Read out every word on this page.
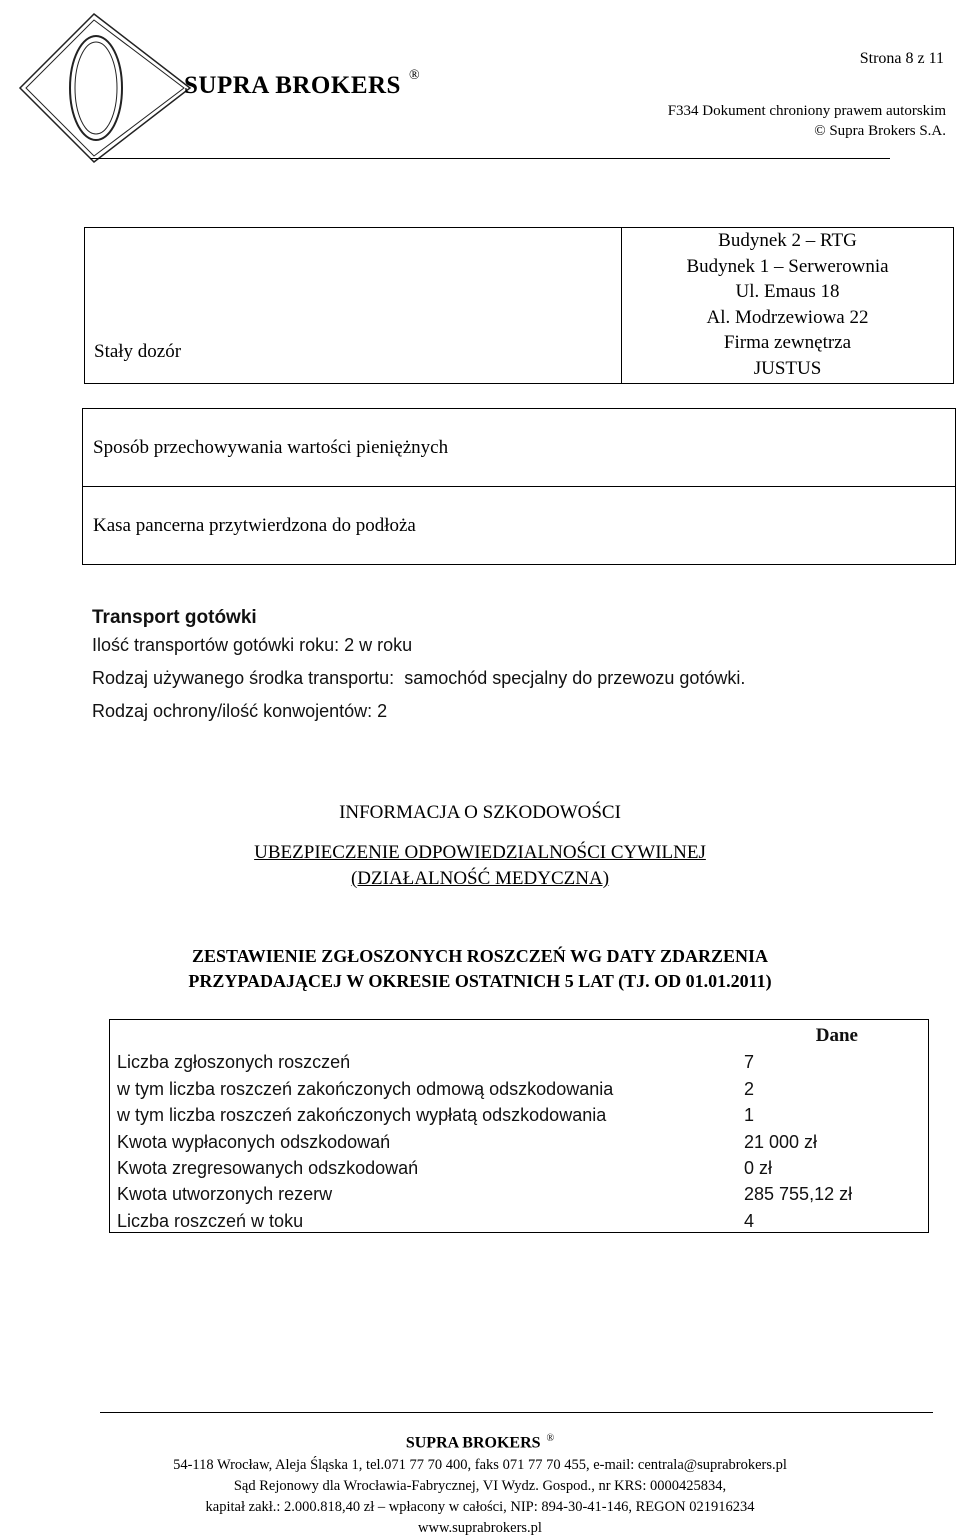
SUPRA BROKERS ®
Strona 8 z 11
F334 Dokument chroniony prawem autorskim
© Supra Brokers S.A.
Stały dozór	
Budynek 2 – RTG
Budynek 1 – Serwerownia
Ul. Emaus 18
Al. Modrzewiowa 22
Firma zewnętrza
JUSTUS
Sposób przechowywania wartości pieniężnych
Kasa pancerna przytwierdzona do podłoża
Transport gotówki
Ilość transportów gotówki roku: 2 w roku
Rodzaj używanego środka transportu: samochód specjalny do przewozu gotówki.
Rodzaj ochrony/ilość konwojentów: 2
INFORMACJA O SZKODOWOŚCI
UBEZPIECZENIE ODPOWIEDZIALNOŚCI CYWILNEJ
(DZIAŁALNOŚĆ MEDYCZNA)
ZESTAWIENIE ZGŁOSZONYCH ROSZCZEŃ WG DATY ZDARZENIA
PRZYPADAJĄCEJ W OKRESIE OSTATNICH 5 LAT (TJ. OD 01.01.2011)
	Dane
Liczba zgłoszonych roszczeń	7
w tym liczba roszczeń zakończonych odmową odszkodowania	2
w tym liczba roszczeń zakończonych wypłatą odszkodowania	1
Kwota wypłaconych odszkodowań	21 000 zł
Kwota zregresowanych odszkodowań	0 zł
Kwota utworzonych rezerw	285 755,12 zł
Liczba roszczeń w toku	4
SUPRA BROKERS ®
54-118 Wrocław, Aleja Śląska 1, tel.071 77 70 400, faks 071 77 70 455, e-mail: centrala@suprabrokers.pl
Sąd Rejonowy dla Wrocławia-Fabrycznej, VI Wydz. Gospod., nr KRS: 0000425834,
kapitał zakł.: 2.000.818,40 zł – wpłacony w całości, NIP: 894-30-41-146, REGON 021916234
www.suprabrokers.pl
